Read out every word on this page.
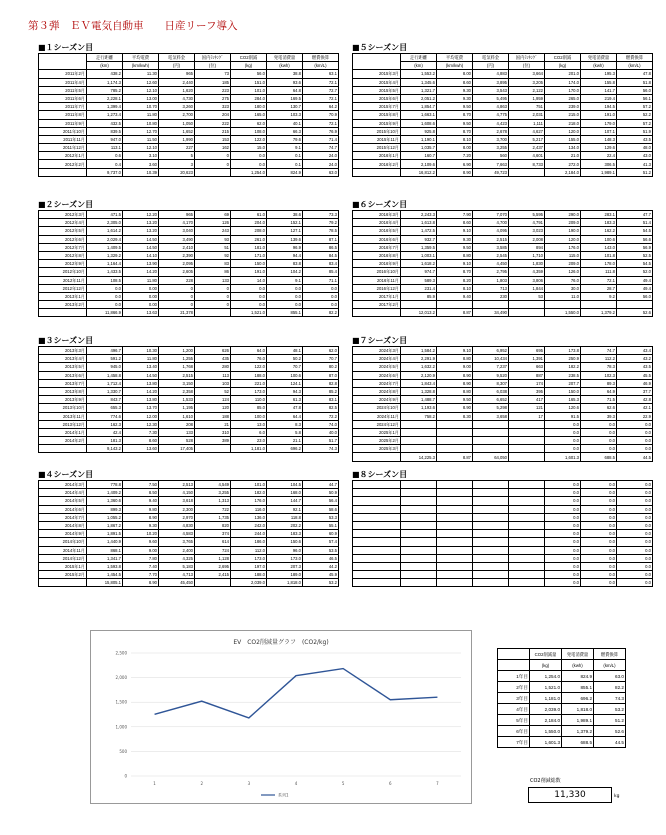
第３弾　ＥＶ電気自動車　　日産リーフ導入
■１シーズン目
	走行距離	平均電費	電気料金	国内ﾗﾝｷﾝｸﾞ	CO2削減	発電消費量	燃費換算
	(km)	(km/kwh)	(円)	(位)	(kg)	(kwh)	(km/L)
2011年2月	438.2	11.30	965	73	56.0	38.8	63.1
2011年4月	1,174.3	12.60	2,440	185	151.0	93.6	72.1
2011年5月	785.2	12.10	1,620	223	101.0	64.8	72.7
2011年6月	2,228.1	13.00	4,730	275	284.0	169.5	72.1
2011年7月	1,399.4	10.70	3,260	323	180.0	130.7	64.2
2011年8月	1,273.4	11.80	2,700	204	165.0	103.3	70.9
2011年9月	432.5	10.80	1,050	222	62.0	40.1	72.1
2011年10月	839.5	12.70	1,652	215	108.0	66.3	76.9
2011年11月	947.0	11.50	1,990	153	122.0	79.6	71.4
2011年12月	113.1	12.10	227	162	15.0	9.1	74.7
2012年1月	0.6	3.10	5	0	0.0	0.1	24.0
2012年2月	0.4	3.60	3	0	0.0	0.1	24.0
	9,737.0	10.39	20,623		1,254.0	824.9	63.0
■２シーズン目
2012年3月	471.5	12.20	965	69	61.0	38.6	73.3
2012年4月	2,305.0	13.20	4,170	126	204.0	152.1	79.2
2012年5月	1,614.2	13.20	3,040	243	208.0	127.1	78.5
2012年6月	2,029.4	14.50	3,490	93	261.0	139.6	87.1
2012年7月	1,409.5	14.50	2,410	51	181.0	96.9	86.5
2012年8月	1,329.2	14.10	2,390	92	171.0	94.4	84.5
2012年9月	1,164.4	13.90	2,095	83	150.0	83.8	83.4
2012年10月	1,433.5	14.20	2,605	86	191.0	104.2	85.4
2012年11月	108.5	11.80	228	133	14.0	9.1	71.1
2012年12月	0.0	0.00	0	0	0.0	0.0	0.0
2013年1月	0.0	0.00	0	0	0.0	0.0	0.0
2013年2月	0.0	0.00	0	0	0.0	0.0	0.0
	11,866.9	13.63	21,378		1,521.0	855.1	82.2
■３シーズン目
2013年3月	496.7	10.30	1,200	626	64.0	48.1	62.0
2013年4月	591.2	11.80	1,255	435	76.0	50.2	70.7
2013年5月	945.0	13.40	1,768	280	122.0	70.7	80.2
2013年6月	1,458.8	14.50	2,515	113	188.0	100.6	87.0
2013年7月	1,712.4	13.80	3,150	103	221.0	124.1	82.8
2013年8月	1,330.7	14.20	2,358	52	173.0	94.3	85.2
2013年9月	843.7	13.80	1,533	124	110.0	61.3	83.1
2013年10月	655.3	13.70	1,195	120	85.0	47.8	82.5
2013年11月	774.6	12.00	1,610	188	100.0	64.4	72.2
2013年12月	162.3	12.30	208	21	13.0	8.3	74.0
2014年1月	42.4	7.30	133	310	6.0	5.8	40.0
2014年2月	181.3	8.60	528	389	23.0	21.1	51.7
	9,143.2	13.60	17,405		1,181.0	696.2	74.3
■４シーズン目
2014年3月	778.8	7.50	2,513	4,549	101.0	104.5	44.7
2014年4月	1,409.2	8.50	4,150	3,255	182.0	168.0	50.9
2014年5月	1,360.6	9.40	3,618	1,313	176.0	144.7	56.4
2014年6月	899.3	9.80	2,300	722	116.0	92.1	58.6
2014年7月	1,055.2	8.90	2,970	1,735	136.0	118.8	53.3
2014年8月	1,867.2	9.30	4,830	820	242.0	202.2	55.1
2014年9月	1,891.5	10.20	4,583	374	244.0	183.3	60.9
2014年10月	1,440.9	9.60	3,765	614	186.0	150.6	57.4
2014年11月	868.1	9.00	2,400	724	112.0	96.0	53.5
2014年12月	1,341.7	7.80	4,325	1,128	173.0	173.0	46.5
2015年1月	1,593.8	7.40	5,183	2,695	197.0	207.3	44.2
2015年2月	1,454.5	7.70	4,713	2,415	188.0	189.0	45.9
	15,805.1	8.90	45,450		2,039.0	1,818.0	53.2
■５シーズン目
	走行距離	平均電費	電気料金	国内ﾗﾝｷﾝｸﾞ	CO2削減	発電消費量	燃費換算
	(km)	(km/kwh)	(円)	(位)	(kg)	(kwh)	(km/L)
2015年3月	1,553.2	8.00	4,883	3,664	201.0	195.3	47.8
2015年4月	1,345.6	8.60	3,895	3,205	174.0	155.8	51.8
2015年5月	1,321.7	9.30	3,543	2,122	170.0	141.7	56.0
2015年6月	2,051.2	9.30	5,495	1,959	265.0	219.4	56.1
2015年7月	1,854.7	9.50	4,863	751	239.0	194.5	57.2
2015年8月	1,663.1	8.70	4,775	2,031	215.0	191.0	52.2
2015年9月	1,608.6	9.50	4,423	1,111	218.0	179.0	57.2
2015年10月	925.8	8.70	2,678	4,627	120.0	107.1	51.9
2015年11月	1,190.1	8.10	3,700	5,217	155.0	148.3	43.5
2015年12月	1,035.7	8.00	3,255	2,437	134.0	129.6	48.0
2016年1月	160.7	7.20	560	4,601	21.0	22.4	43.0
2016年2月	2,109.6	6.90	7,663	8,733	272.0	306.5	41.3
	16,812.2	8.90	49,723		2,184.0	1,989.1	51.2
■６シーズン目
2016年3月	2,243.3	7.90	7,070	5,595	290.0	283.1	47.7
2016年4月	1,613.8	8.60	4,700	4,791	209.0	183.3	51.4
2016年5月	1,472.5	9.10	4,095	3,023	190.0	162.2	54.5
2016年6月	932.7	9.30	2,515	2,008	120.0	100.6	56.6
2016年7月	1,359.5	9.50	3,585	894	176.0	143.0	56.9
2016年8月	1,003.1	8.80	2,545	1,710	115.0	101.8	52.5
2016年9月	1,618.2	9.10	4,450	1,830	209.0	178.0	54.5
2016年10月	974.7	8.70	2,795	4,359	126.0	111.8	52.0
2016年11月	589.3	8.20	1,803	3,806	76.0	72.1	49.4
2016年12月	231.4	8.10	713	1,844	30.0	28.7	49.4
2017年1月	85.9	9.40	230	53	11.0	9.2	56.0
2017年2月							
	12,013.2	8.87	34,490		1,550.0	1,379.2	52.6
■７シーズン目
2024年3月	1,584.2	9.10	6,952	695	173.8	74.7	43.4
2024年4月	2,291.9	8.80	10,434	1,391	250.9	112.2	43.2
2024年5月	1,632.2	9.00	7,237	663	182.2	78.3	43.5
2024年6月	2,120.9	8.90	9,520	887	238.5	102.3	45.5
2024年7月	1,843.4	8.90	8,307	174	207.7	89.3	46.9
2024年8月	1,328.8	8.80	6,038	395	150.0	64.9	37.7
2024年9月	1,488.7	9.50	6,652	417	165.3	71.5	42.8
2024年10月	1,193.6	8.90	5,298	121	120.6	62.6	42.1
2024年11月	758.2	8.30	3,658	17	91.5	39.3	22.9
2024年12月					0.0	0.0	0.0
2025年1月					0.0	0.0	0.0
2025年2月					0.0	0.0	0.0
2025年3月					0.0	0.0	0.0
	14,225.3	8.87	64,050		1,601.3	688.5	44.5
■８シーズン目
					0.0	0.0	0.0
					0.0	0.0	0.0
					0.0	0.0	0.0
					0.0	0.0	0.0
					0.0	0.0	0.0
					0.0	0.0	0.0
					0.0	0.0	0.0
					0.0	0.0	0.0
					0.0	0.0	0.0
					0.0	0.0	0.0
					0.0	0.0	0.0
					0.0	0.0	0.0
					0.0	0.0	0.0
EV　CO2削減量グラフ　(CO2/kg)
2,500
2,000
1,500
1,000
500
0
1	2	3	4	5	6	7
系列1
	CO2削減量	発電消費量	燃費換算
	(kg)	(kwh)	(km/L)
1年目	1,254.0	824.9	63.0
2年目	1,521.0	855.1	82.2
3年目	1,181.0	696.2	74.3
4年目	2,039.0	1,818.0	53.2
5年目	2,184.0	1,989.1	51.2
6年目	1,550.0	1,379.2	52.6
7年目	1,601.3	688.5	44.5
CO2削減総数
11,330	kg
